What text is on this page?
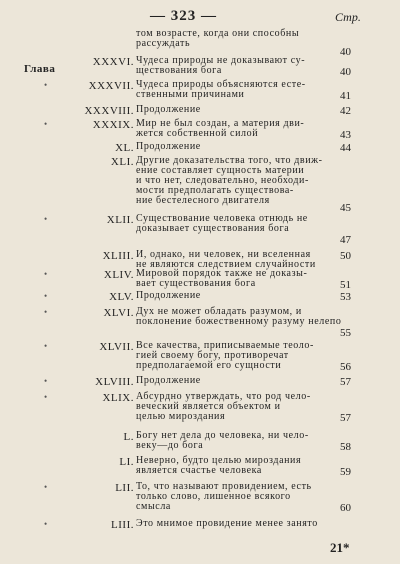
— 323 —	Стр.
Глава
том возрасте, когда они способны
рассуждать
40
XXXVI. Чудеса природы не доказывают су-
ществования бога	40
XXXVII.
•	Чудеса природы объясняются есте-
ственными причинами	41
XXXVIII. Продолжение	42
XXXIX.
•	Мир не был создан, а материя дви-
жется собственной силой	43
XL. Продолжение	44
XLI. Другие доказательства того, что движ-
ение составляет сущность материи
и что нет, следовательно, необходи-
мости предполагать существова-
ние бестелесного двигателя
45
XLII.
•	Существование человека отнюдь не
доказывает существования бога
47
XLIII. И, однако, ни человек, ни вселенная
не являются следствием случайности
50
XLIV.
•	Мировой порядок также не доказы-
вает существования бога	51
XLV.
•	Продолжение	53
XLVI.
•	Дух не может обладать разумом, и
поклонение божественному разуму нелепо
55
XLVII.
•	Все качества, приписываемые теоло-
гией своему богу, противоречат
предполагаемой его сущности	56
XLVIII.
•	Продолжение	57
XLIX.
•	Абсурдно утверждать, что род чело-
веческий является объектом и
целью мироздания	57
L. Богу нет дела до человека, ни чело-
веку—до бога	58
LI. Неверно, будто целью мироздания
является счастье человека	59
LII.
•	То, что называют провидением, есть
только слово, лишенное всякого
смысла	60
LIII.
•	Это мнимое провидение менее занято
21*
